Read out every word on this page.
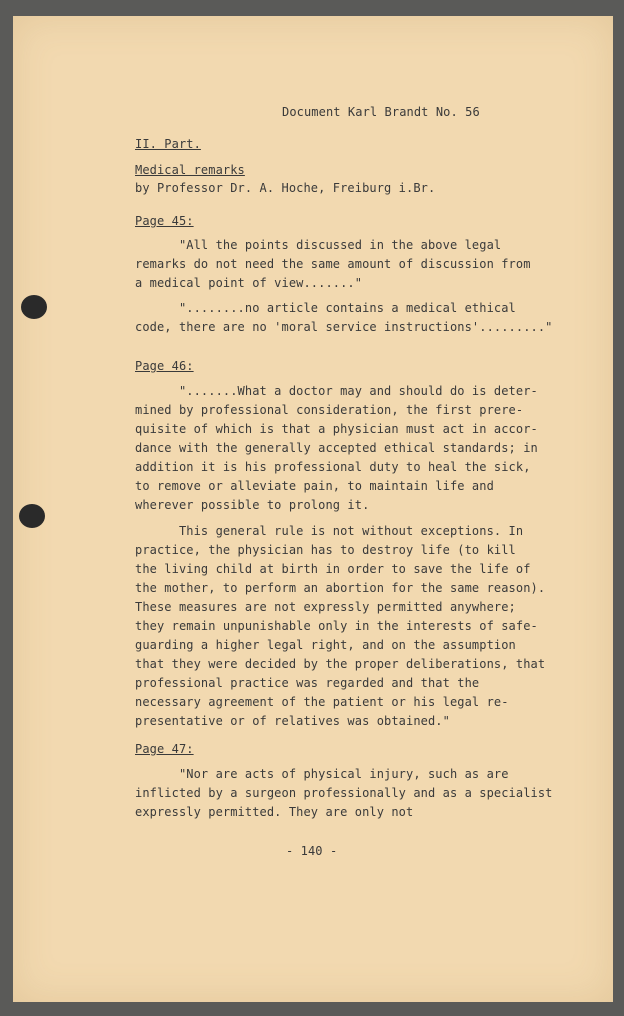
Document Karl Brandt No. 56
II. Part.
Medical remarks
by Professor Dr. A. Hoche, Freiburg i.Br.
Page 45:
"All the points discussed in the above legal
remarks do not need the same amount of discussion from
a medical point of view......."
"........no article contains a medical ethical
code, there are no 'moral service instructions'........."
Page 46:
".......What a doctor may and should do is deter-
mined by professional consideration, the first prere-
quisite of which is that a physician must act in accor-
dance with the generally accepted ethical standards; in
addition it is his professional duty to heal the sick,
to remove or alleviate pain, to maintain life and
wherever possible to prolong it.
This general rule is not without exceptions. In
practice, the physician has to destroy life (to kill
the living child at birth in order to save the life of
the mother, to perform an abortion for the same reason).
These measures are not expressly permitted anywhere;
they remain unpunishable only in the interests of safe-
guarding a higher legal right, and on the assumption
that they were decided by the proper deliberations, that
professional practice was regarded and that the
necessary agreement of the patient or his legal re-
presentative or of relatives was obtained."
Page 47:
"Nor are acts of physical injury, such as are
inflicted by a surgeon professionally and as a specialist
expressly permitted. They are only not
- 140 -
